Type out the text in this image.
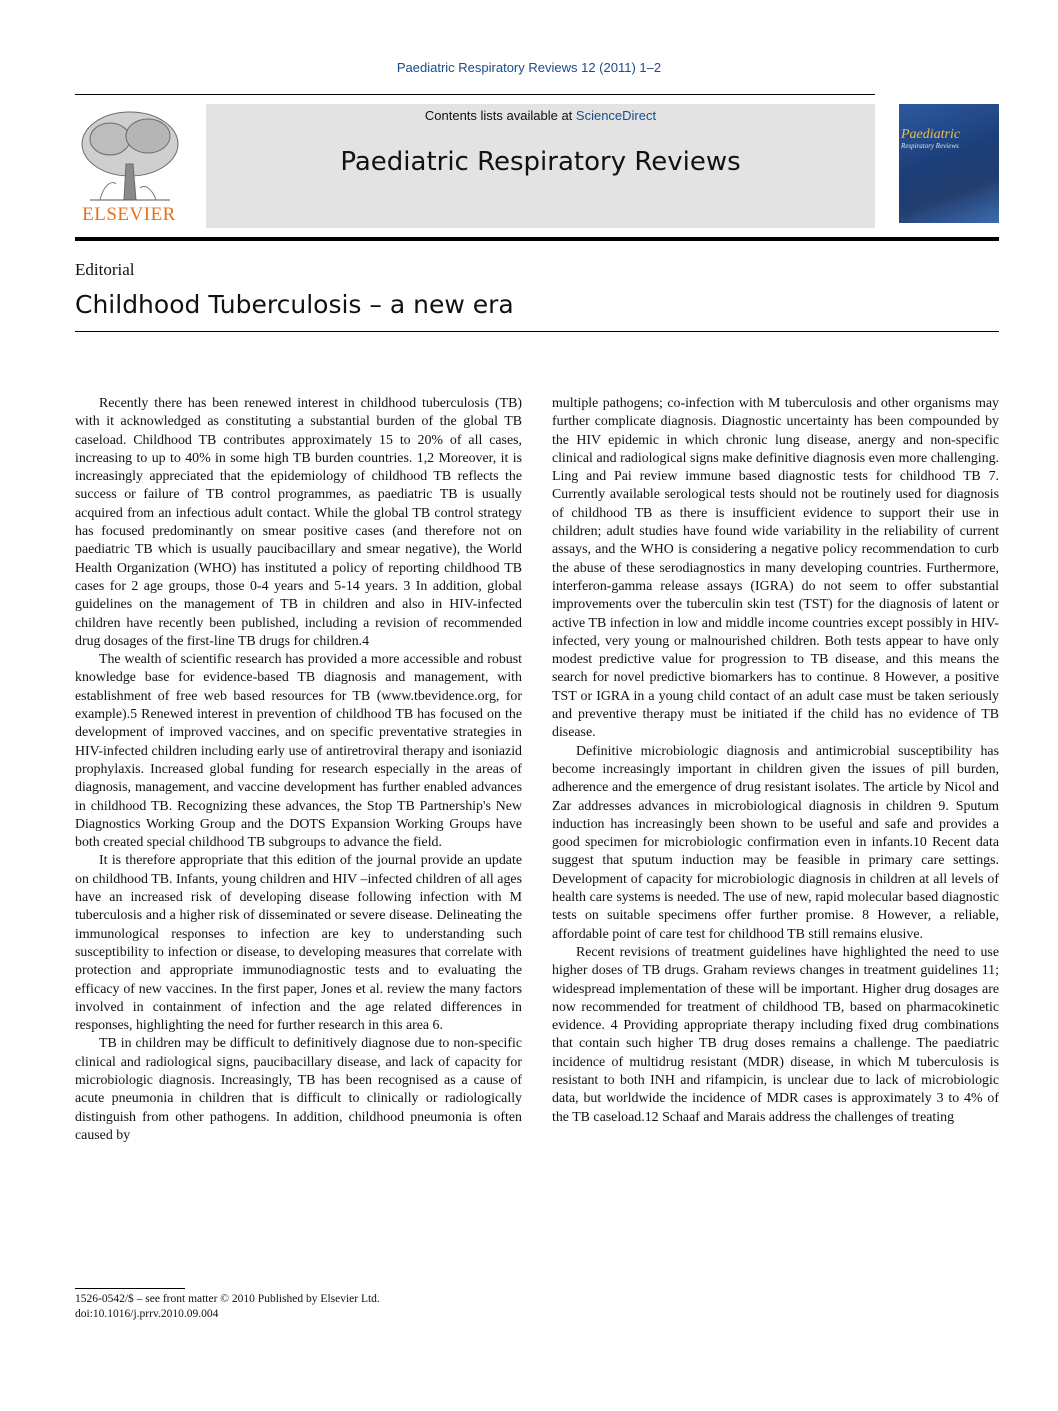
Paediatric Respiratory Reviews 12 (2011) 1–2
ELSEVIER
Contents lists available at ScienceDirect
Paediatric Respiratory Reviews
Paediatric
Respiratory Reviews
Editorial
Childhood Tuberculosis – a new era

Recently there has been renewed interest in childhood tuberculosis (TB) with it acknowledged as constituting a substantial burden of the global TB caseload. Childhood TB contributes approximately 15 to 20% of all cases, increasing to up to 40% in some high TB burden countries. 1,2 Moreover, it is increasingly appreciated that the epidemiology of childhood TB reflects the success or failure of TB control programmes, as paediatric TB is usually acquired from an infectious adult contact. While the global TB control strategy has focused predominantly on smear positive cases (and therefore not on paediatric TB which is usually paucibacillary and smear negative), the World Health Organization (WHO) has instituted a policy of reporting childhood TB cases for 2 age groups, those 0-4 years and 5-14 years. 3 In addition, global guidelines on the management of TB in children and also in HIV-infected children have recently been published, including a revision of recommended drug dosages of the first-line TB drugs for children.4

The wealth of scientific research has provided a more accessible and robust knowledge base for evidence-based TB diagnosis and management, with establishment of free web based resources for TB (www.tbevidence.org, for example).5 Renewed interest in prevention of childhood TB has focused on the development of improved vaccines, and on specific preventative strategies in HIV-infected children including early use of antiretroviral therapy and isoniazid prophylaxis. Increased global funding for research especially in the areas of diagnosis, management, and vaccine development has further enabled advances in childhood TB. Recognizing these advances, the Stop TB Partnership's New Diagnostics Working Group and the DOTS Expansion Working Groups have both created special childhood TB subgroups to advance the field.

It is therefore appropriate that this edition of the journal provide an update on childhood TB. Infants, young children and HIV –infected children of all ages have an increased risk of developing disease following infection with M tuberculosis and a higher risk of disseminated or severe disease. Delineating the immunological responses to infection are key to understanding such susceptibility to infection or disease, to developing measures that correlate with protection and appropriate immunodiagnostic tests and to evaluating the efficacy of new vaccines. In the first paper, Jones et al. review the many factors involved in containment of infection and the age related differences in responses, highlighting the need for further research in this area 6.

TB in children may be difficult to definitively diagnose due to non-specific clinical and radiological signs, paucibacillary disease, and lack of capacity for microbiologic diagnosis. Increasingly, TB has been recognised as a cause of acute pneumonia in children that is difficult to clinically or radiologically distinguish from other pathogens. In addition, childhood pneumonia is often caused by

multiple pathogens; co-infection with M tuberculosis and other organisms may further complicate diagnosis. Diagnostic uncertainty has been compounded by the HIV epidemic in which chronic lung disease, anergy and non-specific clinical and radiological signs make definitive diagnosis even more challenging. Ling and Pai review immune based diagnostic tests for childhood TB 7. Currently available serological tests should not be routinely used for diagnosis of childhood TB as there is insufficient evidence to support their use in children; adult studies have found wide variability in the reliability of current assays, and the WHO is considering a negative policy recommendation to curb the abuse of these serodiagnostics in many developing countries. Furthermore, interferon-gamma release assays (IGRA) do not seem to offer substantial improvements over the tuberculin skin test (TST) for the diagnosis of latent or active TB infection in low and middle income countries except possibly in HIV-infected, very young or malnourished children. Both tests appear to have only modest predictive value for progression to TB disease, and this means the search for novel predictive biomarkers has to continue. 8 However, a positive TST or IGRA in a young child contact of an adult case must be taken seriously and preventive therapy must be initiated if the child has no evidence of TB disease.

Definitive microbiologic diagnosis and antimicrobial susceptibility has become increasingly important in children given the issues of pill burden, adherence and the emergence of drug resistant isolates. The article by Nicol and Zar addresses advances in microbiological diagnosis in children 9. Sputum induction has increasingly been shown to be useful and safe and provides a good specimen for microbiologic confirmation even in infants.10 Recent data suggest that sputum induction may be feasible in primary care settings. Development of capacity for microbiologic diagnosis in children at all levels of health care systems is needed. The use of new, rapid molecular based diagnostic tests on suitable specimens offer further promise. 8 However, a reliable, affordable point of care test for childhood TB still remains elusive.

Recent revisions of treatment guidelines have highlighted the need to use higher doses of TB drugs. Graham reviews changes in treatment guidelines 11; widespread implementation of these will be important. Higher drug dosages are now recommended for treatment of childhood TB, based on pharmacokinetic evidence. 4 Providing appropriate therapy including fixed drug combinations that contain such higher TB drug doses remains a challenge. The paediatric incidence of multidrug resistant (MDR) disease, in which M tuberculosis is resistant to both INH and rifampicin, is unclear due to lack of microbiologic data, but worldwide the incidence of MDR cases is approximately 3 to 4% of the TB caseload.12 Schaaf and Marais address the challenges of treating

1526-0542/$ – see front matter © 2010 Published by Elsevier Ltd.
doi:10.1016/j.prrv.2010.09.004
